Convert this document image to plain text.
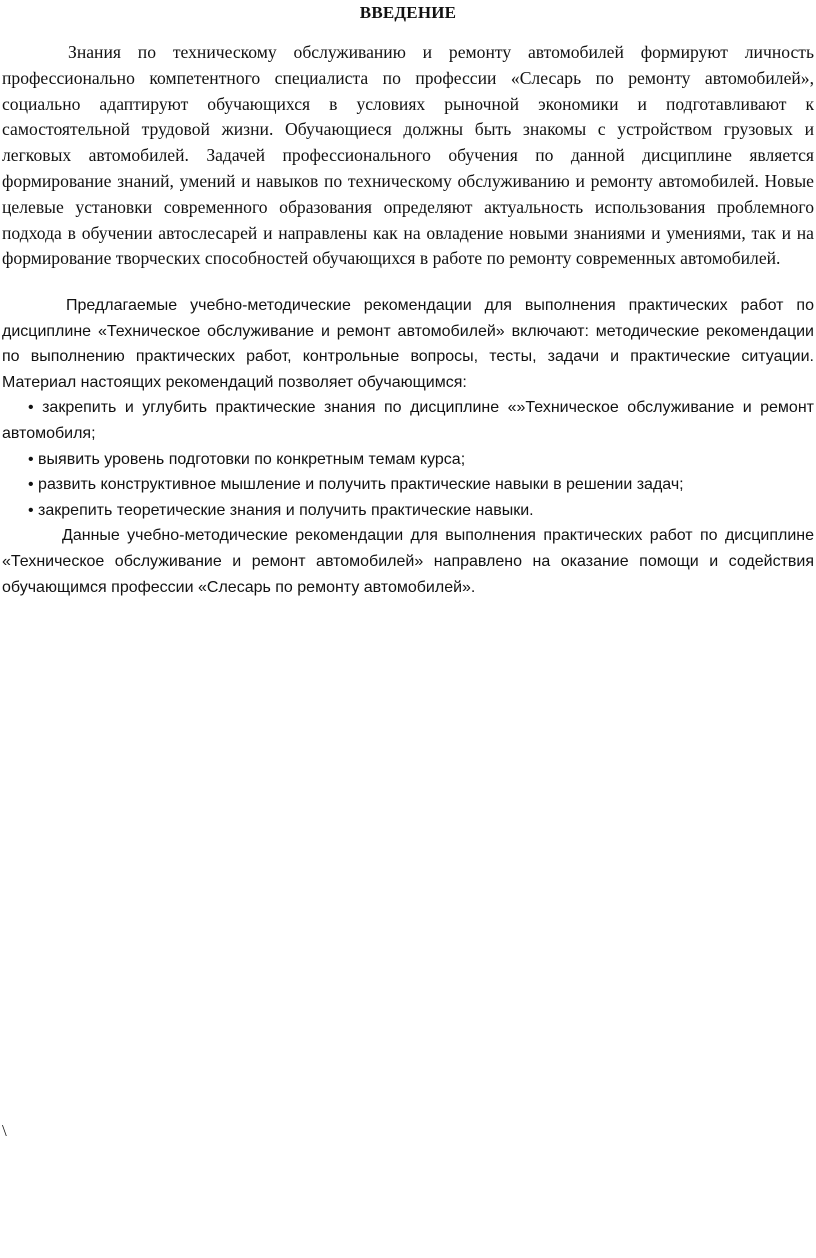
ВВЕДЕНИЕ

Знания по техническому обслуживанию и ремонту автомобилей формируют личность профессионально компетентного специалиста по профессии «Слесарь по ремонту автомобилей», социально адаптируют обучающихся в условиях рыночной экономики и подготавливают к самостоятельной трудовой жизни. Обучающиеся должны быть знакомы с устройством грузовых и легковых автомобилей. Задачей профессионального обучения по данной дисциплине является формирование знаний, умений и навыков по техническому обслуживанию и ремонту автомобилей. Новые целевые установки современного образования определяют актуальность использования проблемного подхода в обучении автослесарей и направлены как на овладение новыми знаниями и умениями, так и на формирование творческих способностей обучающихся в работе по ремонту современных автомобилей.

Предлагаемые учебно-методические рекомендации для выполнения практических работ по дисциплине «Техническое обслуживание и ремонт автомобилей» включают: методические рекомендации по выполнению практических работ, контрольные вопросы, тесты, задачи и практические ситуации. Материал настоящих рекомендаций позволяет обучающимся:

• закрепить и углубить практические знания по дисциплине «»Техническое обслуживание и ремонт автомобиля;

• выявить уровень подготовки по конкретным темам курса;

• развить конструктивное мышление и получить практические навыки в решении задач;

• закрепить теоретические знания и получить практические навыки.

Данные учебно-методические рекомендации для выполнения практических работ по дисциплине «Техническое обслуживание и ремонт автомобилей» направлено на оказание помощи и содействия обучающимся профессии «Слесарь по ремонту автомобилей».

\
